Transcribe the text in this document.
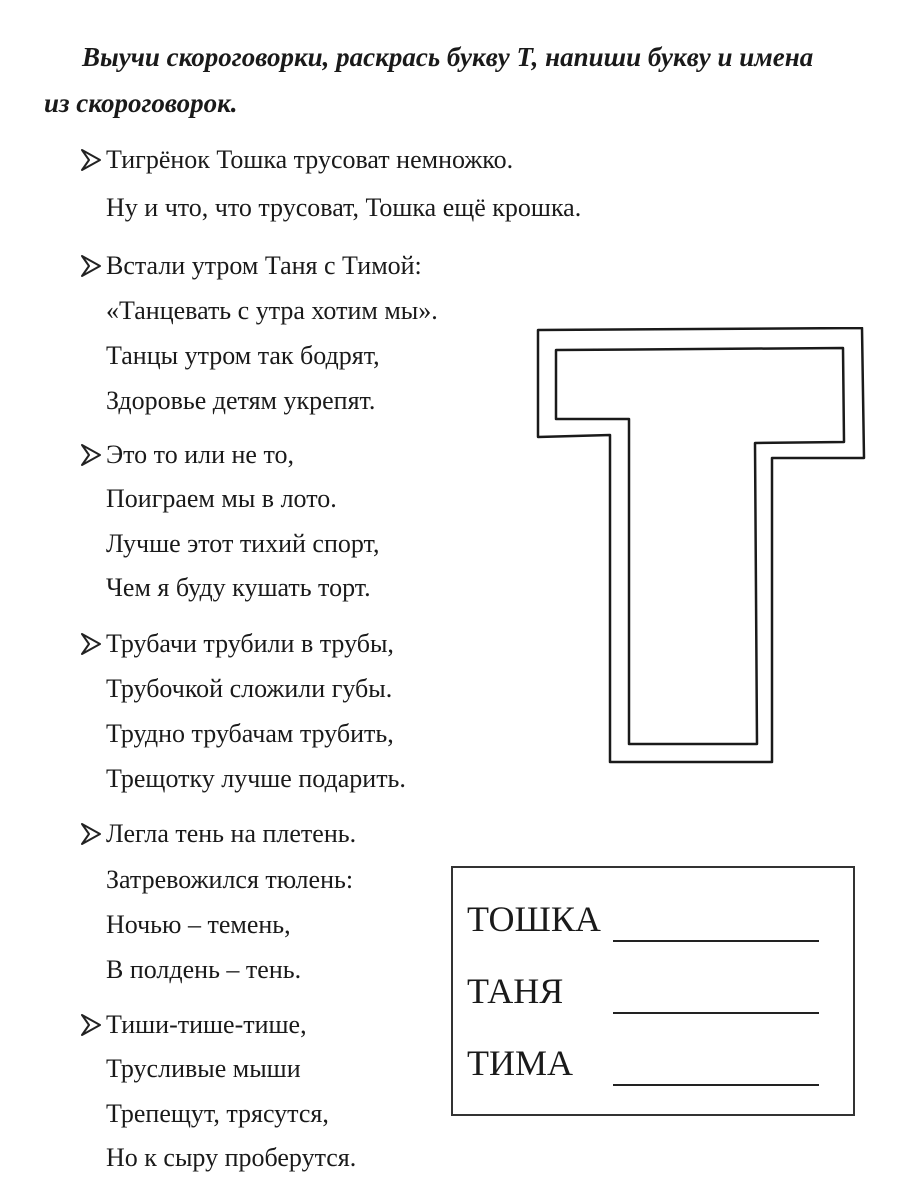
Выучи скороговорки, раскрась букву Т, напиши букву и имена
из скороговорок.
Тигрёнок Тошка трусоват немножко.
Ну и что, что трусоват, Тошка ещё крошка.
Встали утром Таня с Тимой:
«Танцевать с утра хотим мы».
Танцы утром так бодрят,
Здоровье детям укрепят.
Это то или не то,
Поиграем мы в лото.
Лучше этот тихий спорт,
Чем я буду кушать торт.
Трубачи трубили в трубы,
Трубочкой сложили губы.
Трудно трубачам трубить,
Трещотку лучше подарить.
Легла тень на плетень.
Затревожился тюлень:
Ночью – темень,
В полдень – тень.
Тиши-тише-тише,
Трусливые мыши
Трепещут, трясутся,
Но к сыру проберутся.
ТОШКА
ТАНЯ
ТИМА
